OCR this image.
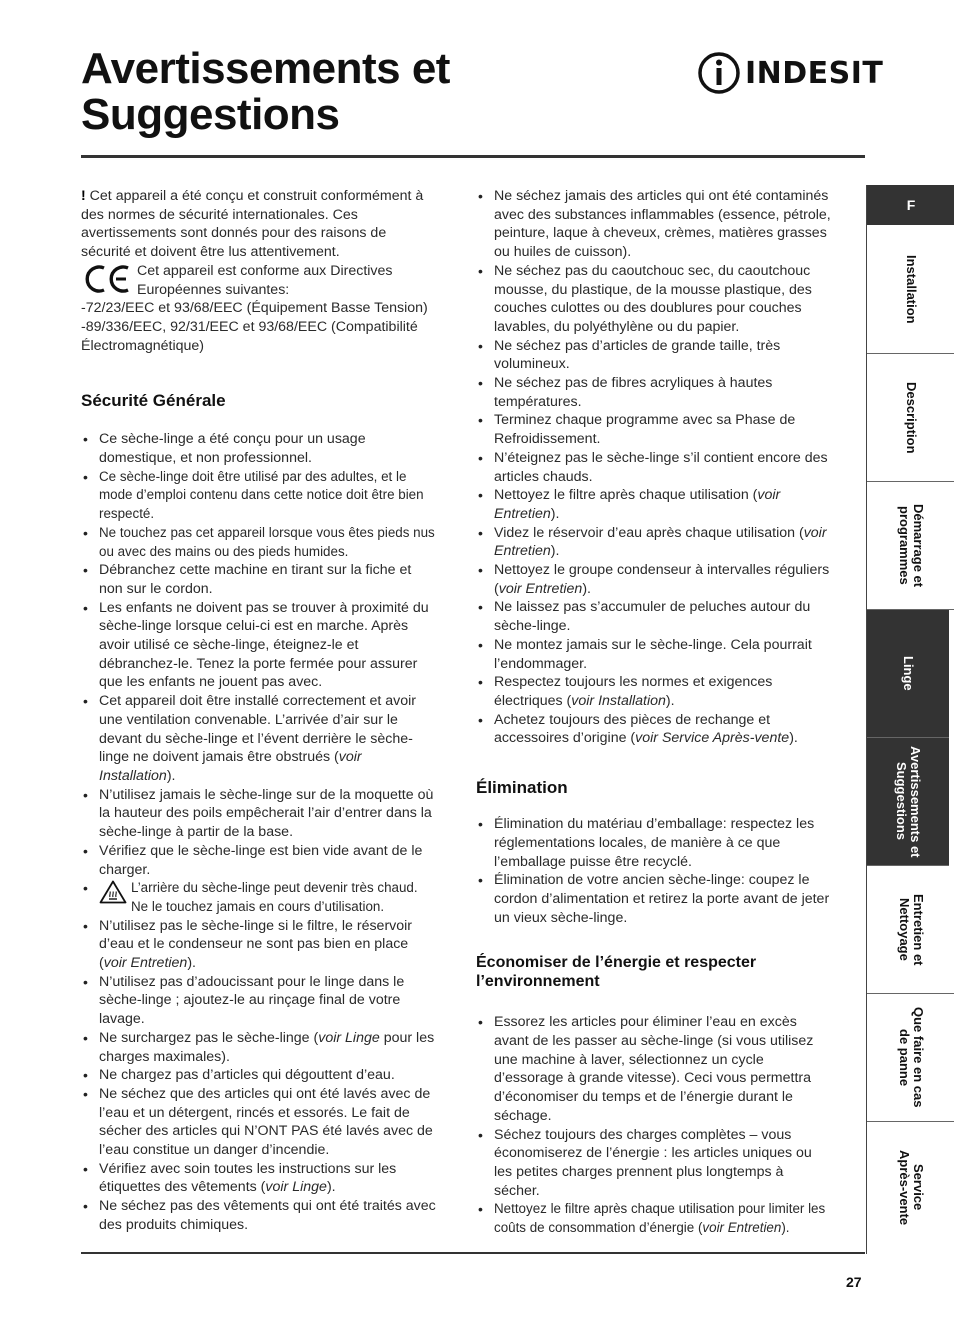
Avertissements et
Suggestions
INDESIT

! Cet appareil a été conçu et construit conformément à des normes de sécurité internationales. Ces avertissements sont donnés pour des raisons de sécurité et doivent être lus attentivement.

Cet appareil est conforme aux Directives Européennes suivantes:

-72/23/EEC et 93/68/EEC (Équipement Basse Tension)

-89/336/EEC, 92/31/EEC et 93/68/EEC (Compatibilité Électromagnétique)

Sécurité Générale
• Ce sèche-linge a été conçu pour un usage domestique, et non professionnel.
• Ce sèche-linge doit être utilisé par des adultes, et le mode d’emploi contenu dans cette notice doit être bien respecté.
• Ne touchez pas cet appareil lorsque vous êtes pieds nus ou avec des mains ou des pieds humides.
• Débranchez cette machine en tirant sur la fiche et non sur le cordon.
• Les enfants ne doivent pas se trouver à proximité du sèche-linge lorsque celui-ci est en marche. Après avoir utilisé ce sèche-linge, éteignez-le et débranchez-le. Tenez la porte fermée pour assurer que les enfants ne jouent pas avec.
• Cet appareil doit être installé correctement et avoir une ventilation convenable. L’arrivée d’air sur le devant du sèche-linge et l’évent derrière le sèche-linge ne doivent jamais être obstrués (voir Installation).
• N’utilisez jamais le sèche-linge sur de la moquette où la hauteur des poils empêcherait l’air d’entrer dans la sèche-linge à partir de la base.
• Vérifiez que le sèche-linge est bien vide avant de le charger.
• L’arrière du sèche-linge peut devenir très chaud. Ne le touchez jamais en cours d’utilisation.
• N’utilisez pas le sèche-linge si le filtre, le réservoir d’eau et le condenseur ne sont pas bien en place (voir Entretien).
• N’utilisez pas d’adoucissant pour le linge dans le sèche-linge ; ajoutez-le au rinçage final de votre lavage.
• Ne surchargez pas le sèche-linge (voir Linge pour les charges maximales).
• Ne chargez pas d’articles qui dégouttent d’eau.
• Ne séchez que des articles qui ont été lavés avec de l’eau et un détergent, rincés et essorés. Le fait de sécher des articles qui N’ONT PAS été lavés avec de l’eau constitue un danger d’incendie.
• Vérifiez avec soin toutes les instructions sur les étiquettes des vêtements (voir Linge).
• Ne séchez pas des vêtements qui ont été traités avec des produits chimiques.
• Ne séchez jamais des articles qui ont été contaminés avec des substances inflammables (essence, pétrole, peinture, laque à cheveux, crèmes, matières grasses ou huiles de cuisson).
• Ne séchez pas du caoutchouc sec, du caoutchouc mousse, du plastique, de la mousse plastique, des couches culottes ou des doublures pour couches lavables, du polyéthylène ou du papier.
• Ne séchez pas d’articles de grande taille, très volumineux.
• Ne séchez pas de fibres acryliques à hautes températures.
• Terminez chaque programme avec sa Phase de Refroidissement.
• N’éteignez pas le sèche-linge s’il contient encore des articles chauds.
• Nettoyez le filtre après chaque utilisation (voir Entretien).
• Videz le réservoir d’eau après chaque utilisation (voir Entretien).
• Nettoyez le groupe condenseur à intervalles réguliers (voir Entretien).
• Ne laissez pas s’accumuler de peluches autour du sèche-linge.
• Ne montez jamais sur le sèche-linge. Cela pourrait l’endommager.
• Respectez toujours les normes et exigences électriques (voir Installation).
• Achetez toujours des pièces de rechange et accessoires d’origine (voir Service Après-vente).
Élimination
• Élimination du matériau d’emballage: respectez les réglementations locales, de manière à ce que l’emballage puisse être recyclé.
• Élimination de votre ancien sèche-linge: coupez le cordon d’alimentation et retirez la porte avant de jeter un vieux sèche-linge.
Économiser de l’énergie et respecter l’environnement
• Essorez les articles pour éliminer l’eau en excès avant de les passer au sèche-linge (si vous utilisez une machine à laver, sélectionnez un cycle d’essorage à grande vitesse). Ceci vous permettra d’économiser du temps et de l’énergie durant le séchage.
• Séchez toujours des charges complètes – vous économiserez de l’énergie : les articles uniques ou les petites charges prennent plus longtemps à sécher.
• Nettoyez le filtre après chaque utilisation pour limiter les coûts de consommation d’énergie (voir Entretien).
F
Installation
Description
Démarrage et
programmes
Linge
Avertissements et
Suggestions
Entretien et
Nettoyage
Que faire en cas
de panne
Service
Après-vente
27
